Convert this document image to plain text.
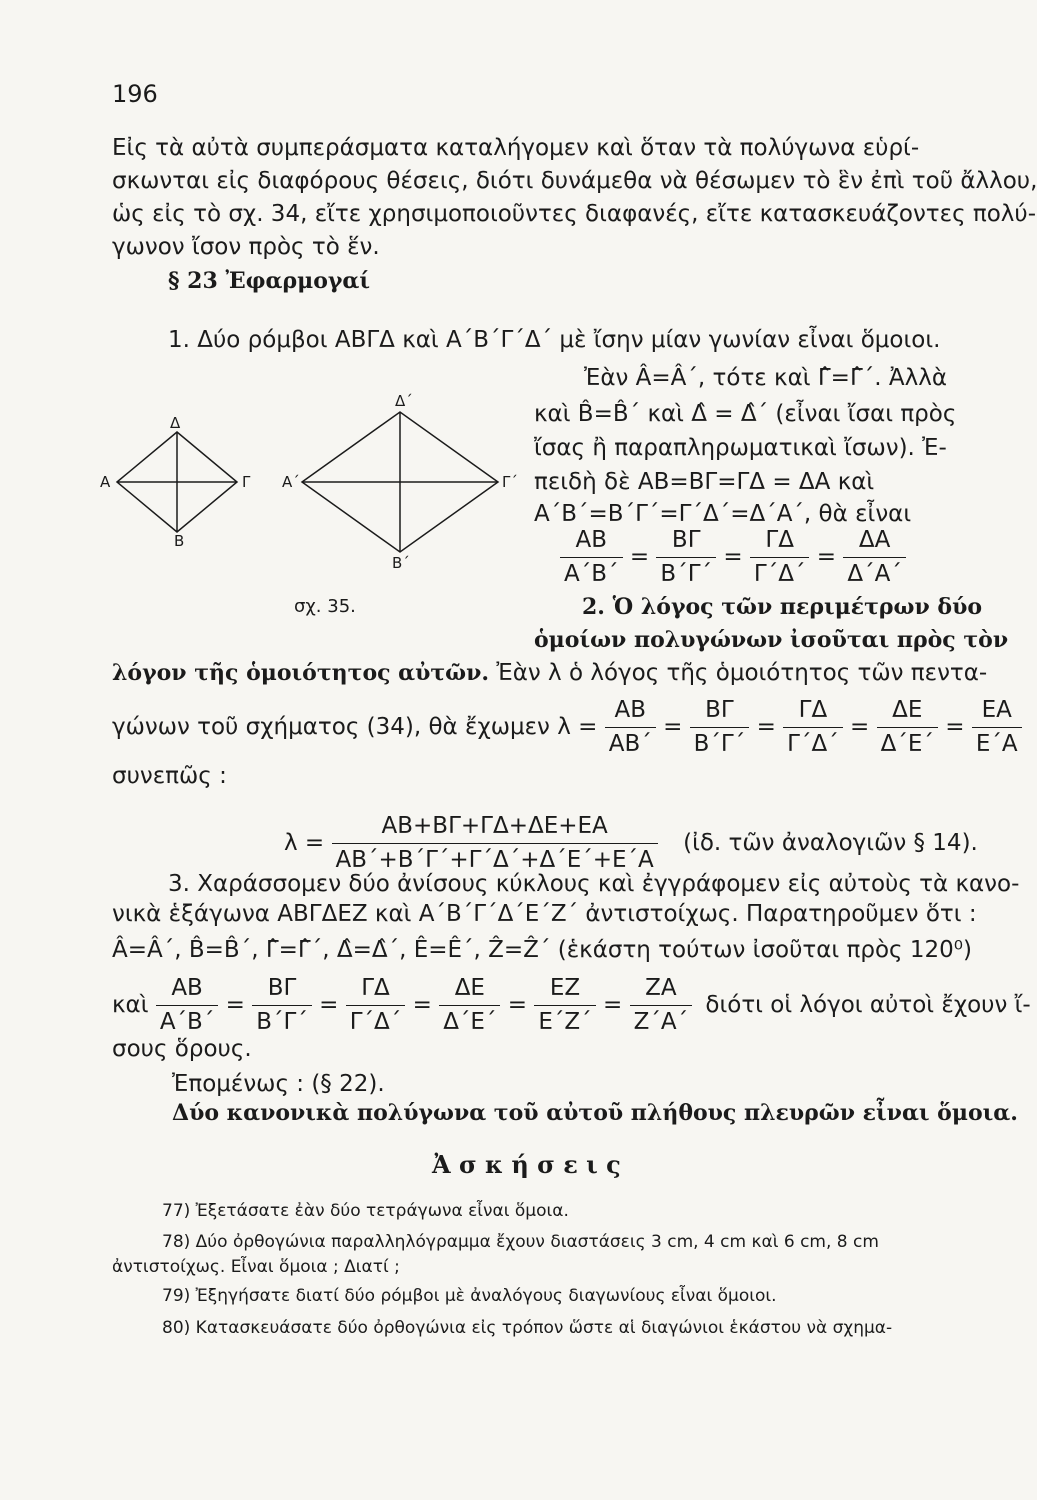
196
Εἰς τὰ αὐτὰ συμπεράσματα καταλήγομεν καὶ ὅταν τὰ πολύγωνα εὑρί-
σκωνται εἰς διαφόρους θέσεις, διότι δυνάμεθα νὰ θέσωμεν τὸ ἓν ἐπὶ τοῦ ἄλλου,
ὡς εἰς τὸ σχ. 34, εἴτε χρησιμοποιοῦντες διαφανές, εἴτε κατασκευάζοντες πολύ-
γωνον ἴσον πρὸς τὸ ἕν.
§ 23 Ἐφαρμογαί
1. Δύο ρόμβοι ΑΒΓΔ καὶ Α΄Β΄Γ΄Δ΄ μὲ ἴσην μίαν γωνίαν εἶναι ὅμοιοι.
Ἐὰν Â=Â΄, τότε καὶ Γ̂=Γ̂΄. Ἀλλὰ
καὶ B̂=B̂΄ καὶ Δ̂ = Δ̂΄ (εἶναι ἴσαι πρὸς
ἴσας ἢ παραπληρωματικαὶ ἴσων). Ἐ-
πειδὴ δὲ ΑΒ=ΒΓ=ΓΔ = ΔΑ καὶ
Α΄Β΄=Β΄Γ΄=Γ΄Δ΄=Δ΄Α΄, θὰ εἶναι
$\frac{AB}{A΄B΄} = \frac{B\Gamma}{B΄\Gamma΄} = \frac{\Gamma\Delta}{\Gamma΄\Delta΄} = \frac{\Delta A}{\Delta΄A΄}$
Α
Δ
Γ
Β
Α΄
Δ΄
Γ΄
Β΄
σχ. 35.	2. Ὁ λόγος τῶν περιμέτρων δύο
ὁμοίων πολυγώνων ἰσοῦται πρὸς τὸν
λόγον τῆς ὁμοιότητος αὐτῶν. Ἐὰν λ ὁ λόγος τῆς ὁμοιότητος τῶν πεντα-
γώνων τοῦ σχήματος (34), θὰ ἔχωμεν $\lambda = \frac{AB}{AB΄} = \frac{B\Gamma}{B΄\Gamma΄} = \frac{\Gamma\Delta}{\Gamma΄\Delta΄} = \frac{\Delta E}{\Delta΄E΄} = \frac{EA}{E΄A}$
συνεπῶς :
$\lambda = \frac{AB+B\Gamma+\Gamma\Delta+\Delta E+EA}{AB΄+B΄\Gamma΄+\Gamma΄\Delta΄+\Delta΄E΄+E΄A}$ (ἰδ. τῶν ἀναλογιῶν § 14).
3. Χαράσσομεν δύο ἀνίσους κύκλους καὶ ἐγγράφομεν εἰς αὐτοὺς τὰ κανο-
νικὰ ἑξάγωνα ΑΒΓΔΕΖ καὶ Α΄Β΄Γ΄Δ΄Ε΄Ζ΄ ἀντιστοίχως. Παρατηροῦμεν ὅτι :
Â=Â΄, B̂=B̂΄, Γ̂=Γ̂΄, Δ̂=Δ̂΄, Ê=Ê΄, Ẑ=Ẑ΄ (ἑκάστη τούτων ἰσοῦται πρὸς 120⁰)
καὶ $\frac{AB}{A΄B΄} = \frac{B\Gamma}{B΄\Gamma΄} = \frac{\Gamma\Delta}{\Gamma΄\Delta΄} = \frac{\Delta E}{\Delta΄E΄} = \frac{EZ}{E΄Z΄} = \frac{ZA}{Z΄A΄}$ διότι οἱ λόγοι αὐτοὶ ἔχουν ἴ-
σους ὅρους.
Ἐπομένως : (§ 22).
Δύο κανονικὰ πολύγωνα τοῦ αὐτοῦ πλήθους πλευρῶν εἶναι ὅμοια.
Ἀ σ κ ή σ ε ι ς
77) Ἐξετάσατε ἐὰν δύο τετράγωνα εἶναι ὅμοια.
78) Δύο ὀρθογώνια παραλληλόγραμμα ἔχουν διαστάσεις 3 cm, 4 cm καὶ 6 cm, 8 cm
ἀντιστοίχως. Εἶναι ὅμοια ; Διατί ;
79) Ἐξηγήσατε διατί δύο ρόμβοι μὲ ἀναλόγους διαγωνίους εἶναι ὅμοιοι.
80) Κατασκευάσατε δύο ὀρθογώνια εἰς τρόπον ὥστε αἱ διαγώνιοι ἑκάστου νὰ σχημα-
